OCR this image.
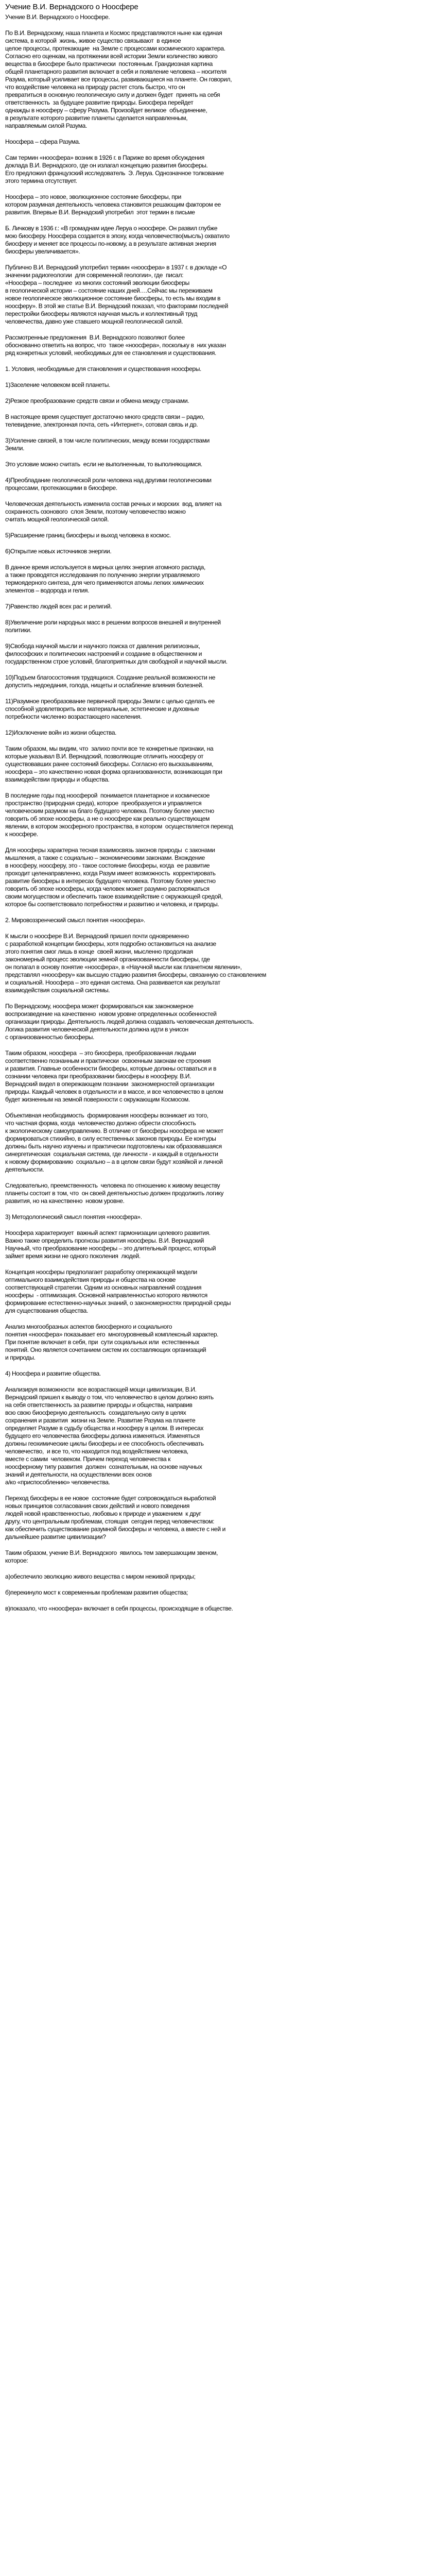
Учение В.И. Вернадского о Ноосфере
Учение В.И. Вернадского о Ноосфере.
По В.И. Вернадскому, наша планета и Космос представляются ныне как единая
система, в которой  жизнь, живое существо связывают  в единое
целое процессы, протекающие  на Земле с процессами космического характера.
Согласно его оценкам, на протяжении всей истории Земли количество живого
вещества в биосфере было практически  постоянным. Грандиозная картина
общей планетарного развития включает в себя и появление человека – носителя
Разума, который усиливает все процессы, развивающиеся на планете. Он говорил,
что воздействие человека на природу растет столь быстро, что он
превратиться в основную геологическую силу и должен будет  принять на себя
ответственность  за будущее развитие природы. Биосфера перейдет
однажды в ноосферу – сферу Разума. Произойдет великое  объединение,
в результате которого развитие планеты сделается направленным,
направляемым силой Разума.
Ноосфера – сфера Разума.
Сам термин «ноосфера» возник в 1926 г. в Париже во время обсуждения
доклада В.И. Вернадского, где он излагал концепцию развития биосферы.
Его предложил французский исследователь  Э. Леруа. Однозначное толкование
этого термина отсутствует.
Ноосфера – это новое, эволюционное состояние биосферы, при
котором разумная деятельность человека становится решающим фактором ее
развития. Впервые В.И. Вернадский употребил  этот термин в письме
Б. Личкову в 1936 г.: «В громаднам идее Леруа о ноосфере. Он развил глубже
мою биосферу. Ноосфера создается в эпоху, когда человечество(мысль) охватило
биосферу и меняет все процессы по-новому, а в результате активная энергия
биосферы увеличивается».
Публично В.И. Вернадский употребил термин «ноосфера» в 1937 г. в докладе «О
значении радиогеологии  для современной геологии», где  писал:
«Ноосфера – последнее  из многих состояний эволюции биосферы
в геологической истории – состояние наших дней….Сейчас мы переживаем
новое геологическое эволюционное состояние биосферы, то есть мы входим в
ноосферу». В этой же статье В.И. Вернадский показал, что факторами последней
перестройки биосферы являются научная мысль и коллективный труд
человечества, давно уже ставшего мощной геологической силой.
Рассмотренные предложения  В.И. Вернадского позволяют более
обоснованно ответить на вопрос, что  такое «ноосфера», поскольку в  них указан
ряд конкретных условий, необходимых для ее становления и существования.
1. Условия, необходимые для становления и существования ноосферы.
1)Заселение человеком всей планеты.
2)Резкое преобразование средств связи и обмена между странами.
В настоящее время существует достаточно много средств связи – радио,
телевидение, электронная почта, сеть «Интернет», сотовая связь и др.
3)Усиление связей, в том числе политических, между всеми государствами
Земли.
Это условие можно считать  если не выполненным, то выполняющимся.
4)Преобладание геологической роли человека над другими геологическими
процессами, протекающими в биосфере.
Человеческая деятельность изменила состав речных и морских  вод, влияет на
сохранность озонового  слоя Земли, поэтому человечество можно
считать мощной геологической силой.
5)Расширение границ биосферы и выход человека в космос.
6)Открытие новых источников энергии.
В данное время используется в мирных целях энергия атомного распада,
а также проводятся исследования по получению энергии управляемого
термоядерного синтеза, для чего применяются атомы легких химических
элементов – водорода и гелия.
7)Равенство людей всех рас и религий.
8)Увеличение роли народных масс в решении вопросов внешней и внутренней
политики.
9)Свобода научной мысли и научного поиска от давления религиозных,
философских и политических настроений и создание в общественном и
государственном строе условий, благоприятных для свободной и научной мысли.
10)Подъем благосостояния трудящихся. Создание реальной возможности не
допустить недоедания, голода, нищеты и ослабление влияния болезней.
11)Разумное преобразование первичной природы Земли с целью сделать ее
способной удовлетворить все материальные, эстетические и духовные
потребности численно возрастающего населения.
12)Исключение войн из жизни общества.
Таким образом, мы видим, что  залихо почти все те конкретные признаки, на
которые указывал В.И. Вернадский, позволяющие отличить ноосферу от
существовавших ранее состояний биосферы. Согласно его высказываниям,
ноосфера – это качественно новая форма организованности, возникающая при
взаимодействии природы и общества.
В последние годы под ноосферой  понимается планетарное и космическое
пространство (природная среда), которое  преобразуется и управляется
человеческим разумом на благо будущего человека. Поэтому более уместно
говорить об эпохе ноосферы, а не о ноосфере как реально существующем
явлении, в котором экосферного пространства, в котором  осуществляется переход
к ноосфере.
Для ноосферы характерна тесная взаимосвязь законов природы  с законами
мышления, а также с социально – экономическими законами. Вхождение
в ноосферу, ноосферу, это - такое состояние биосферы, когда  ее развитие
проходит целенаправленно, когда Разум имеет возможность  корректировать
развитие биосферы в интересах будущего человека. Поэтому более уместно
говорить об эпохе ноосферы, когда человек может разумно распоряжаться
своим могуществом и обеспечить такое взаимодействие с окружающей средой,
которое бы соответствовало потребностям и развитию и человека, и природы.
2. Мировоззренческий смысл понятия «ноосфера».
К мысли о ноосфере В.И. Вернадский пришел почти одновременно
с разработкой концепции биосферы, хотя подробно остановиться на анализе
этого понятия смог лишь в конце  своей жизни, мысленно продолжая
закономерный процесс эволюции земной организованности биосферы, где
он полагал в основу понятие «ноосфера», в «Научной мысли как планетном явлении»,
представлял «ноосферу» как высшую стадию развития биосферы, связанную со становлением
и социальной. Ноосфера – это единая система. Она развивается как результат
взаимодействия социальной системы.
По Вернадскому, ноосфера может формироваться как закономерное
воспроизведение на качественно  новом уровне определенных особенностей
организации природы. Деятельность людей должна создавать человеческая деятельность.
Логика развития человеческой деятельности должна идти в унисон
с организованностью биосферы.
Таким образом, ноосфера  – это биосфера, преобразованная людьми
соответственно познанным и практически  освоенным законам ее строения
и развития. Главные особенности биосферы, которые должны оставаться и в
сознании человека при преобразовании биосферы в ноосферу. В.И.
Вернадский видел в опережающем познании  закономерностей организации
природы. Каждый человек в отдельности и в массе, и все человечество в целом
будет жизненным на земной поверхности с окружающим Космосом.
Объективная необходимость  формирования ноосферы возникает из того,
что частная форма, когда  человечество должно обрести способность
к экологическому самоуправлению. В отличие от биосферы ноосфера не может
формироваться стихийно, в силу естественных законов природы. Ее контуры
должны быть научно изучены и практически подготовлены как образовавшаяся
синергетическая  социальная система, где личности - и каждый в отдельности
к новому формированию  социально – а в целом связи будут хозяйкой и личной
деятельности.
Следовательно, преемственность  человека по отношению к живому веществу
планеты состоит в том, что  он своей деятельностью должен продолжить логику
развития, но на качественно  новом уровне.
3) Методологический смысл понятия «ноосфера».
Ноосфера характеризует  важный аспект гармонизации целевого развития.
Важно также определить прогнозы развития ноосферы. В.И. Вернадский
Научный, что преобразование ноосферы – это длительный процесс, который
займет время жизни не одного поколения  людей.
Концепция ноосферы предполагает разработку опережающей модели
оптимального взаимодействия природы и общества на основе
соответствующей стратегии. Одним из основных направлений создания
ноосферы  - оптимизация. Основной направленностью которого являются
формирование естественно-научных знаний, о закономерностях природной среды
для существования общества.
Анализ многообразных аспектов биосферного и социального
понятия «ноосфера» показывает его  многоуровневый комплексный характер.
При понятие включает в себя, при  сути социальных или  естественных
понятий. Оно является сочетанием систем их составляющих организаций
и природы.
4) Ноосфера и развитие общества.
Анализируя возможности  все возрастающей мощи цивилизации, В.И.
Вернадский пришел к выводу о том, что человечество в целом должно взять
на себя ответственность за развитие природы и общества, направив
всю свою биосферную деятельность  созидательную силу в целях
сохранения и развития  жизни на Земле. Развитие Разума на планете
определяет Разуме в судьбу общества и ноосферу в целом. В интересах
будущего его человечества биосферы должна изменяться. Изменяться
должны геохимические циклы биосферы и ее способность обеспечивать
человечество,  и все то, что находится под воздействием человека,
вместе с самим  человеком. Причем переход человечества к
ноосферному типу развития  должен  сознательным, на основе научных
знаний и деятельности, на осуществлении всех основ
а/ко «приспособлению» человечества.
Переход биосферы в ее новое  состояние будет сопровождаться выработкой
новых принципов согласования своих действий и нового поведения
людей новой нравственностью, любовью к природе и уважением  к друг
другу, что центральным проблемам, стоящая  сегодня перед человечеством:
как обеспечить существование разумной биосферы и человека, а вместе с ней и
дальнейшее развитие цивилизации?
Таким образом, учение В.И. Вернадского  явилось тем завершающим звеном,
которое:
а)обеспечило эволюцию живого вещества с миром неживой природы;
б)перекинуло мост к современным проблемам развития общества;
в)показало, что «ноосфера» включает в себя процессы, происходящие в обществе.
